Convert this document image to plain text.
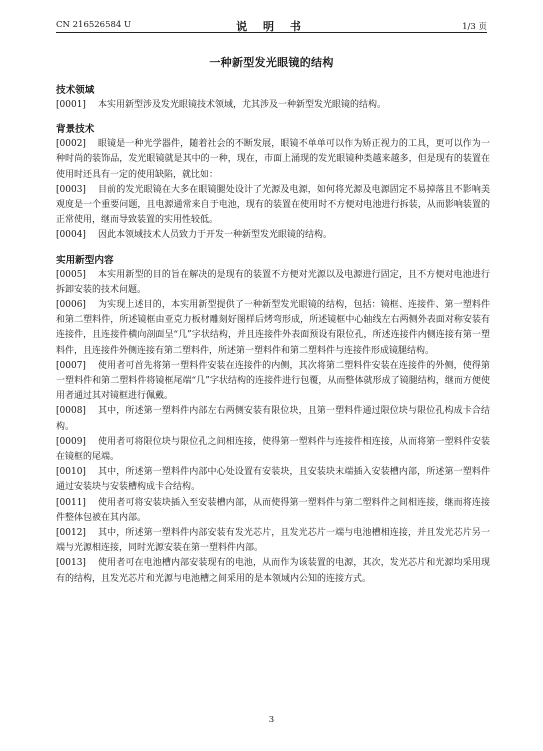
CN 216526584 U	说 明 书	1/3 页
一种新型发光眼镜的结构
技术领域

[0001] 本实用新型涉及发光眼镜技术领域，尤其涉及一种新型发光眼镜的结构。

背景技术

[0002] 眼镜是一种光学器件，随着社会的不断发展，眼镜不单单可以作为矫正视力的工具，更可以作为一种时尚的装饰品，发光眼镜就是其中的一种，现在，市面上涌现的发光眼镜种类越来越多，但是现有的装置在使用时还具有一定的使用缺陷，就比如：

[0003] 目前的发光眼镜在大多在眼镜腿处设计了光源及电源，如何将光源及电源固定不易掉落且不影响美观度是一个重要问题，且电源通常来自于电池，现有的装置在使用时不方便对电池进行拆装，从而影响装置的正常使用，继而导致装置的实用性较低。

[0004] 因此本领域技术人员致力于开发一种新型发光眼镜的结构。

实用新型内容

[0005] 本实用新型的目的旨在解决的是现有的装置不方便对光源以及电源进行固定，且不方便对电池进行拆卸安装的技术问题。

[0006] 为实现上述目的，本实用新型提供了一种新型发光眼镜的结构，包括：镜框、连接件、第一塑料件和第二塑料件，所述镜框由亚克力板材雕刻好图样后烤弯形成，所述镜框中心轴线左右两侧外表面对称安装有连接件，且连接件横向剖面呈“几”字状结构，并且连接件外表面预设有限位孔，所述连接件内侧连接有第一塑料件，且连接件外侧连接有第二塑料件，所述第一塑料件和第二塑料件与连接件形成镜腿结构。

[0007] 使用者可首先将第一塑料件安装在连接件的内侧，其次将第二塑料件安装在连接件的外侧，使得第一塑料件和第二塑料件将镜框尾端“几”字状结构的连接件进行包覆，从而整体就形成了镜腿结构，继而方便使用者通过其对镜框进行佩戴。

[0008] 其中，所述第一塑料件内部左右两侧安装有限位块，且第一塑料件通过限位块与限位孔构成卡合结构。

[0009] 使用者可将限位块与限位孔之间相连接，使得第一塑料件与连接件相连接，从而将第一塑料件安装在镜框的尾端。

[0010] 其中，所述第一塑料件内部中心处设置有安装块，且安装块末端插入安装槽内部，所述第一塑料件通过安装块与安装槽构成卡合结构。

[0011] 使用者可将安装块插入至安装槽内部，从而使得第一塑料件与第二塑料件之间相连接，继而将连接件整体包被在其内部。

[0012] 其中，所述第一塑料件内部安装有发光芯片，且发光芯片一端与电池槽相连接，并且发光芯片另一端与光源相连接，同时光源安装在第一塑料件内部。

[0013] 使用者可在电池槽内部安装现有的电池，从而作为该装置的电源，其次，发光芯片和光源均采用现有的结构，且发光芯片和光源与电池槽之间采用的是本领域内公知的连接方式。

3
